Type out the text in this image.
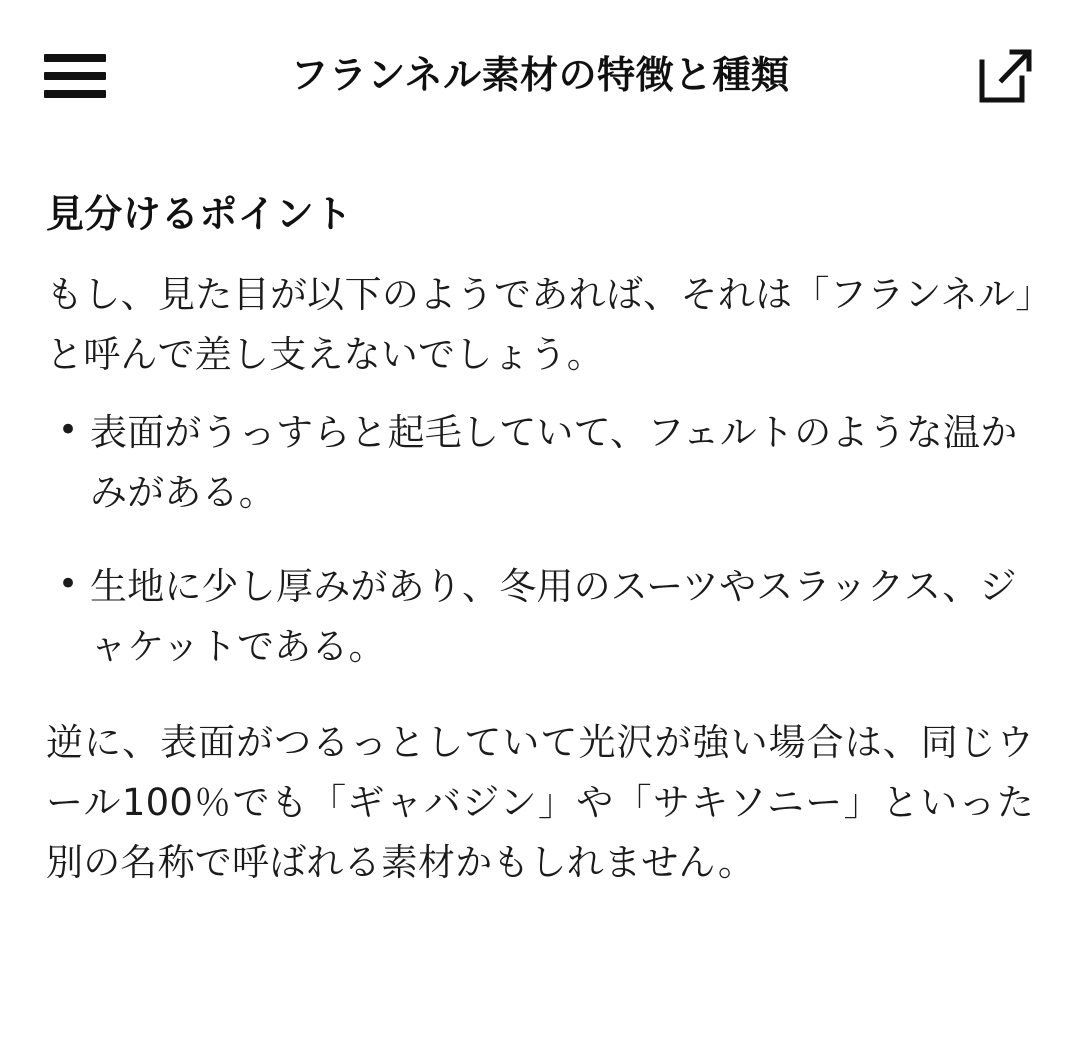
フランネル素材の特徴と種類
見分けるポイント

もし、見た目が以下のようであれば、それは「フランネル」と呼んで差し支えないでしょう。

• 表面がうっすらと起毛していて、フェルトのような温かみがある。
• 生地に少し厚みがあり、冬用のスーツやスラックス、ジャケットである。

逆に、表面がつるっとしていて光沢が強い場合は、同じウール100％でも「ギャバジン」や「サキソニー」といった別の名称で呼ばれる素材かもしれません。
